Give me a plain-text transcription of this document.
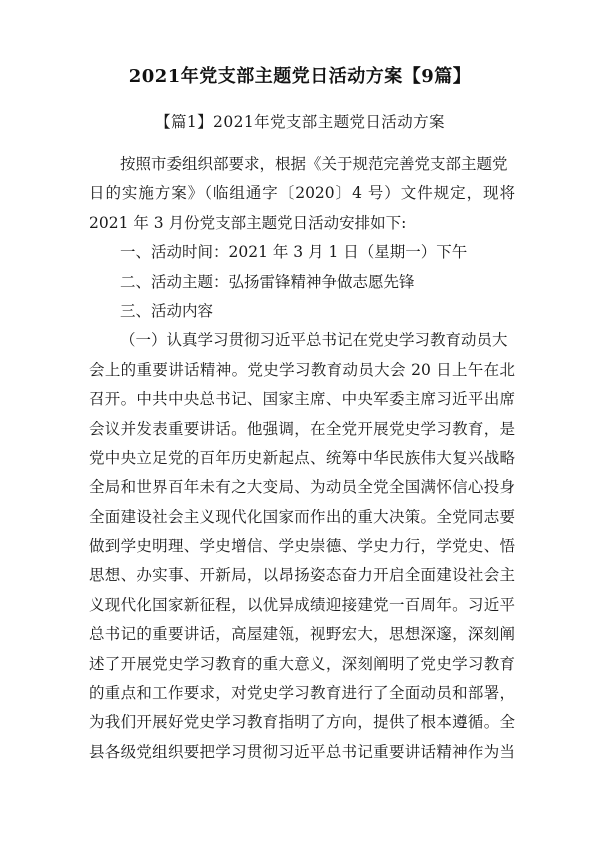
2021年党支部主题党日活动方案【9篇】
【篇1】2021年党支部主题党日活动方案
按照市委组织部要求，根据《关于规范完善党支部主题党
日的实施方案》（临组通字〔2020〕4 号）文件规定，现将
2021 年 3 月份党支部主题党日活动安排如下:
一、活动时间：2021 年 3 月 1 日（星期一）下午
二、活动主题：弘扬雷锋精神争做志愿先锋
三、活动内容
（一）认真学习贯彻习近平总书记在党史学习教育动员大
会上的重要讲话精神。党史学习教育动员大会 20 日上午在北
召开。中共中央总书记、国家主席、中央军委主席习近平出席
会议并发表重要讲话。他强调，在全党开展党史学习教育，是
党中央立足党的百年历史新起点、统筹中华民族伟大复兴战略
全局和世界百年未有之大变局、为动员全党全国满怀信心投身
全面建设社会主义现代化国家而作出的重大决策。全党同志要
做到学史明理、学史增信、学史崇德、学史力行，学党史、悟
思想、办实事、开新局，以昂扬姿态奋力开启全面建设社会主
义现代化国家新征程，以优异成绩迎接建党一百周年。习近平
总书记的重要讲话，高屋建瓴，视野宏大，思想深邃，深刻阐
述了开展党史学习教育的重大意义，深刻阐明了党史学习教育
的重点和工作要求，对党史学习教育进行了全面动员和部署，
为我们开展好党史学习教育指明了方向，提供了根本遵循。全
县各级党组织要把学习贯彻习近平总书记重要讲话精神作为当
